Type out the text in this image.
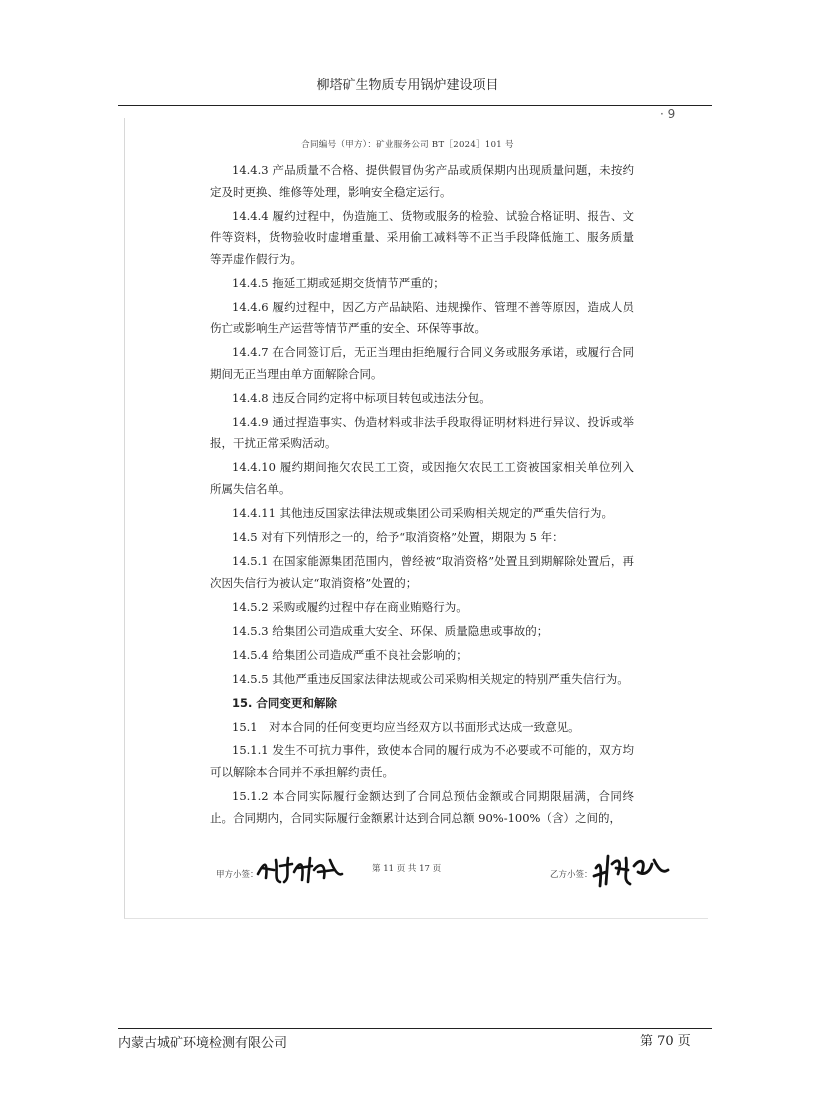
柳塔矿生物质专用锅炉建设项目
· 9
合同编号（甲方）：矿业服务公司 BT［2024］101 号

14.4.3 产品质量不合格、提供假冒伪劣产品或质保期内出现质量问题，未按约定及时更换、维修等处理，影响安全稳定运行。

14.4.4 履约过程中，伪造施工、货物或服务的检验、试验合格证明、报告、文件等资料，货物验收时虚增重量、采用偷工减料等不正当手段降低施工、服务质量等弄虚作假行为。

14.4.5 拖延工期或延期交货情节严重的；

14.4.6 履约过程中，因乙方产品缺陷、违规操作、管理不善等原因，造成人员伤亡或影响生产运营等情节严重的安全、环保等事故。

14.4.7 在合同签订后，无正当理由拒绝履行合同义务或服务承诺，或履行合同期间无正当理由单方面解除合同。

14.4.8 违反合同约定将中标项目转包或违法分包。

14.4.9 通过捏造事实、伪造材料或非法手段取得证明材料进行异议、投诉或举报，干扰正常采购活动。

14.4.10 履约期间拖欠农民工工资，或因拖欠农民工工资被国家相关单位列入所属失信名单。

14.4.11 其他违反国家法律法规或集团公司采购相关规定的严重失信行为。

14.5 对有下列情形之一的，给予“取消资格”处置，期限为 5 年：

14.5.1 在国家能源集团范围内，曾经被“取消资格”处置且到期解除处置后，再次因失信行为被认定“取消资格”处置的；

14.5.2 采购或履约过程中存在商业贿赂行为。

14.5.3 给集团公司造成重大安全、环保、质量隐患或事故的；

14.5.4 给集团公司造成严重不良社会影响的；

14.5.5 其他严重违反国家法律法规或公司采购相关规定的特别严重失信行为。

15. 合同变更和解除

15.1　对本合同的任何变更均应当经双方以书面形式达成一致意见。

15.1.1 发生不可抗力事件，致使本合同的履行成为不必要或不可能的，双方均可以解除本合同并不承担解约责任。

15.1.2 本合同实际履行金额达到了合同总预估金额或合同期限届满，合同终止。合同期内，合同实际履行金额累计达到合同总额 90%-100%（含）之间的，

甲方小签：
第 11 页 共 17 页
乙方小签：
内蒙古城矿环境检测有限公司	第 70 页
